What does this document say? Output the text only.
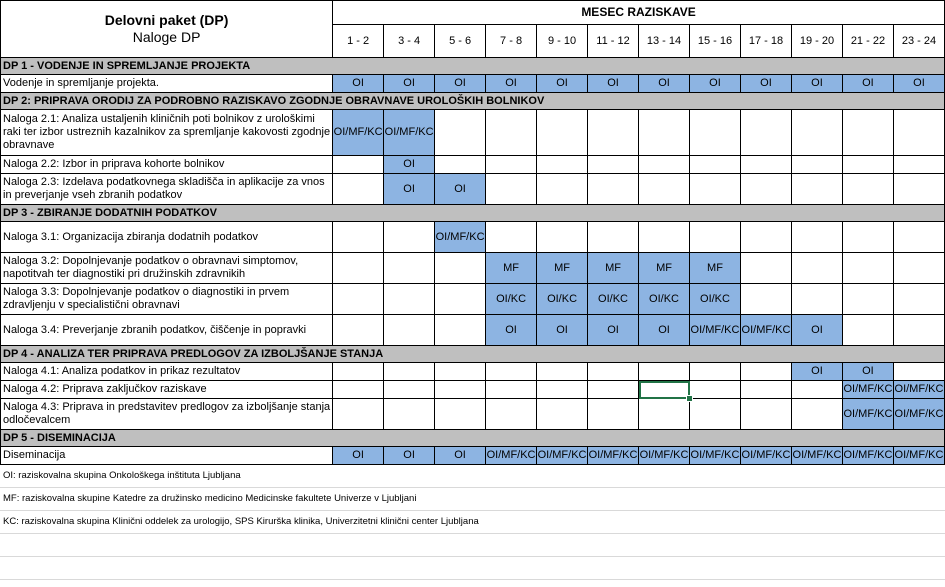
Delovni paket (DP)
Naloge DP	MESEC RAZISKAVE											
	1 - 2	3 - 4	5 - 6	7 - 8	9 - 10	11 - 12	13 - 14	15 - 16	17 - 18	19 - 20	21 - 22	23 - 24
DP 1 - VODENJE IN SPREMLJANJE PROJEKTA												
Vodenje in spremljanje projekta.	OI	OI	OI	OI	OI	OI	OI	OI	OI	OI	OI	OI
DP 2: PRIPRAVA ORODIJ ZA PODROBNO RAZISKAVO ZGODNJE OBRAVNAVE UROLOŠKIH BOLNIKOV												
Naloga 2.1: Analiza ustaljenih kliničnih poti bolnikov z urološkimi raki ter izbor ustreznih kazalnikov za spremljanje kakovosti zgodnje obravnave	OI/MF/KC	OI/MF/KC										
Naloga 2.2: Izbor in priprava kohorte bolnikov		OI										
Naloga 2.3: Izdelava podatkovnega skladišča in aplikacije za vnos in preverjanje vseh zbranih podatkov		OI	OI									
DP 3 - ZBIRANJE DODATNIH PODATKOV												
Naloga 3.1: Organizacija zbiranja dodatnih podatkov			OI/MF/KC									
Naloga 3.2: Dopolnjevanje podatkov o obravnavi simptomov, napotitvah ter diagnostiki pri družinskih zdravnikih				MF	MF	MF	MF	MF				
Naloga 3.3: Dopolnjevanje podatkov o diagnostiki in prvem zdravljenju v specialistični obravnavi				OI/KC	OI/KC	OI/KC	OI/KC	OI/KC				
Naloga 3.4: Preverjanje zbranih podatkov, čiščenje in popravki				OI	OI	OI	OI	OI/MF/KC	OI/MF/KC	OI		
DP 4 - ANALIZA TER PRIPRAVA PREDLOGOV ZA IZBOLJŠANJE STANJA												
Naloga 4.1: Analiza podatkov in prikaz rezultatov										OI	OI	
Naloga 4.2: Priprava zaključkov raziskave											OI/MF/KC	OI/MF/KC
Naloga 4.3: Priprava in predstavitev predlogov za izboljšanje stanja odločevalcem											OI/MF/KC	OI/MF/KC
DP 5 - DISEMINACIJA												
Diseminacija	OI	OI	OI	OI/MF/KC	OI/MF/KC	OI/MF/KC	OI/MF/KC	OI/MF/KC	OI/MF/KC	OI/MF/KC	OI/MF/KC	OI/MF/KC
OI: raziskovalna skupina Onkološkega inštituta Ljubljana
MF: raziskovalna skupine Katedre za družinsko medicino Medicinske fakultete Univerze v Ljubljani
KC: raziskovalna skupina Klinični oddelek za urologijo, SPS Kirurška klinika, Univerzitetni klinični center Ljubljana
